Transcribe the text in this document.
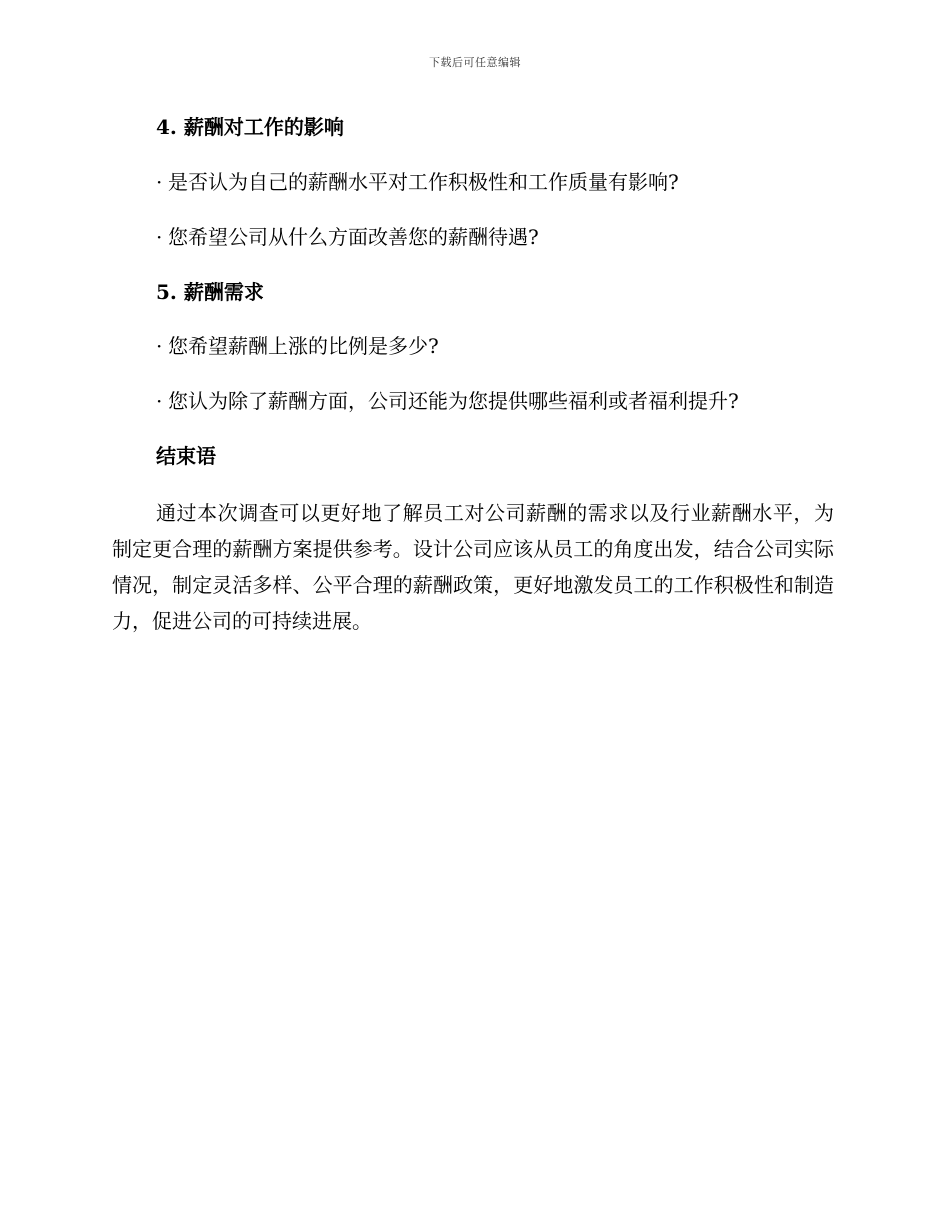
下载后可任意编辑
4. 薪酬对工作的影响
· 是否认为自己的薪酬水平对工作积极性和工作质量有影响?
· 您希望公司从什么方面改善您的薪酬待遇?
5. 薪酬需求
· 您希望薪酬上涨的比例是多少?
· 您认为除了薪酬方面，公司还能为您提供哪些福利或者福利提升?
结束语
通过本次调查可以更好地了解员工对公司薪酬的需求以及行业薪酬水平，为制定更合理的薪酬方案提供参考。设计公司应该从员工的角度出发，结合公司实际情况，制定灵活多样、公平合理的薪酬政策，更好地激发员工的工作积极性和制造力，促进公司的可持续进展。
